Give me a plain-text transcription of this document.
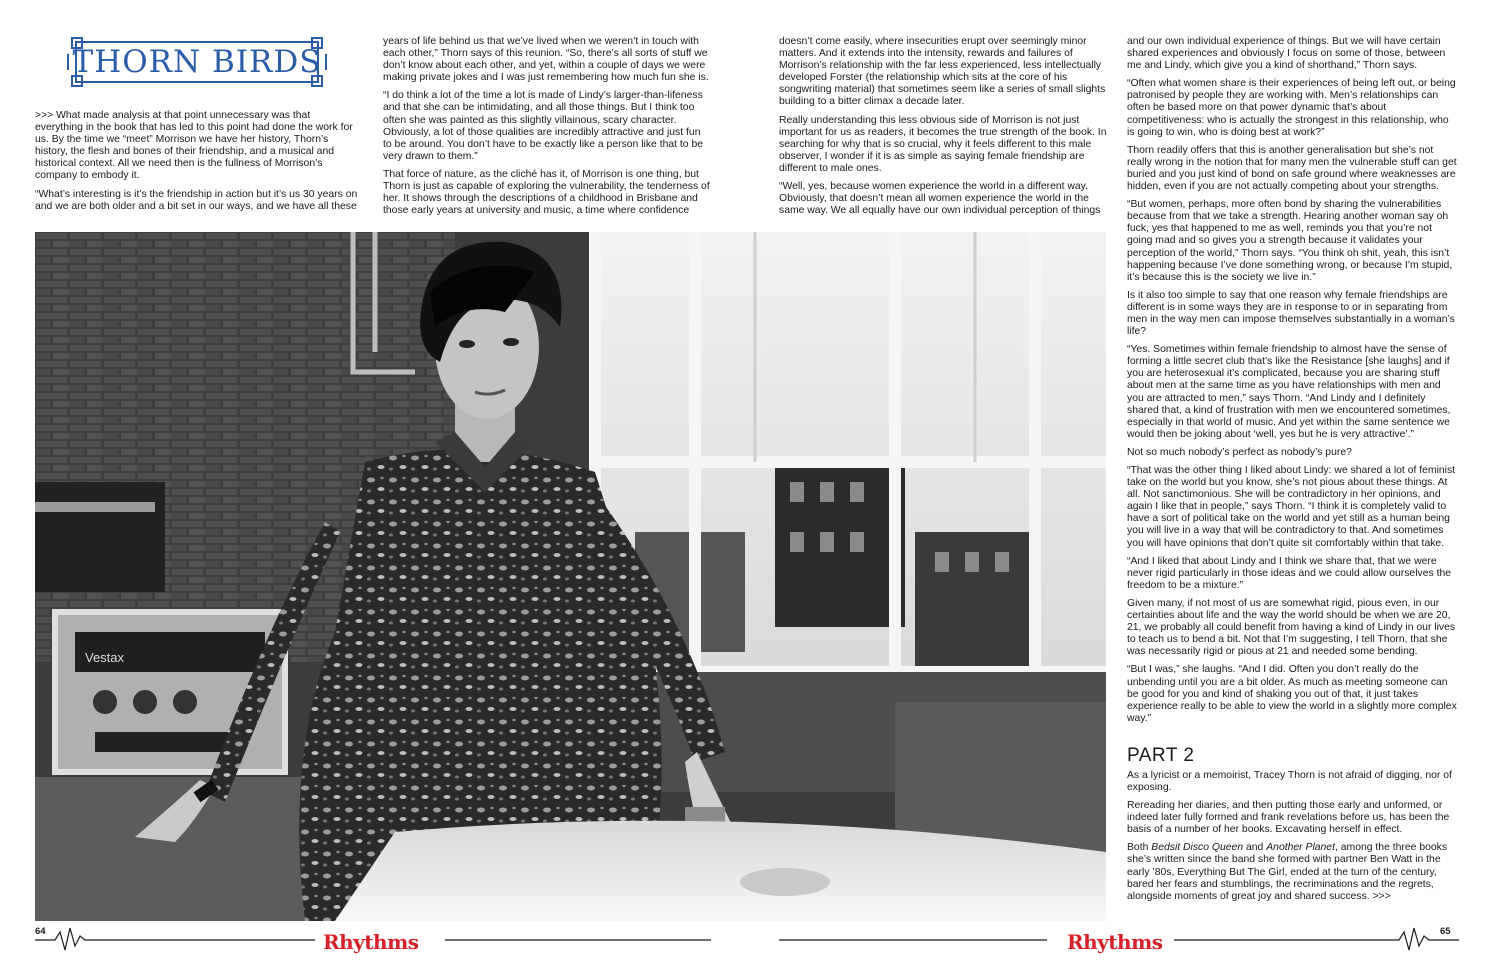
THORN BIRDS

>>> What made analysis at that point unnecessary was that everything in the book that has led to this point had done the work for us. By the time we “meet” Morrison we have her history, Thorn’s history, the flesh and bones of their friendship, and a musical and historical context. All we need then is the fullness of Morrison’s company to embody it.

“What’s interesting is it’s the friendship in action but it’s us 30 years on and we are both older and a bit set in our ways, and we have all these

years of life behind us that we’ve lived when we weren’t in touch with each other,” Thorn says of this reunion. “So, there’s all sorts of stuff we don’t know about each other, and yet, within a couple of days we were making private jokes and I was just remembering how much fun she is.

“I do think a lot of the time a lot is made of Lindy’s larger-than-lifeness and that she can be intimidating, and all those things. But I think too often she was painted as this slightly villainous, scary character. Obviously, a lot of those qualities are incredibly attractive and just fun to be around. You don’t have to be exactly like a person like that to be very drawn to them.”

That force of nature, as the cliché has it, of Morrison is one thing, but Thorn is just as capable of exploring the vulnerability, the tenderness of her. It shows through the descriptions of a childhood in Brisbane and those early years at university and music, a time where confidence

doesn’t come easily, where insecurities erupt over seemingly minor matters. And it extends into the intensity, rewards and failures of Morrison’s relationship with the far less experienced, less intellectually developed Forster (the relationship which sits at the core of his songwriting material) that sometimes seem like a series of small slights building to a bitter climax a decade later.

Really understanding this less obvious side of Morrison is not just important for us as readers, it becomes the true strength of the book. In searching for why that is so crucial, why it feels different to this male observer, I wonder if it is as simple as saying female friendship are different to male ones.

“Well, yes, because women experience the world in a different way. Obviously, that doesn’t mean all women experience the world in the same way. We all equally have our own individual perception of things

Vestax

and our own individual experience of things. But we will have certain shared experiences and obviously I focus on some of those, between me and Lindy, which give you a kind of shorthand,” Thorn says.

“Often what women share is their experiences of being left out, or being patronised by people they are working with. Men’s relationships can often be based more on that power dynamic that’s about competitiveness: who is actually the strongest in this relationship, who is going to win, who is doing best at work?”

Thorn readily offers that this is another generalisation but she’s not really wrong in the notion that for many men the vulnerable stuff can get buried and you just kind of bond on safe ground where weaknesses are hidden, even if you are not actually competing about your strengths.

“But women, perhaps, more often bond by sharing the vulnerabilities because from that we take a strength. Hearing another woman say oh fuck, yes that happened to me as well, reminds you that you’re not going mad and so gives you a strength because it validates your perception of the world,” Thorn says. “You think oh shit, yeah, this isn’t happening because I’ve done something wrong, or because I’m stupid, it’s because this is the society we live in.”

Is it also too simple to say that one reason why female friendships are different is in some ways they are in response to or in separating from men in the way men can impose themselves substantially in a woman’s life?

“Yes. Sometimes within female friendship to almost have the sense of forming a little secret club that’s like the Resistance [she laughs] and if you are heterosexual it’s complicated, because you are sharing stuff about men at the same time as you have relationships with men and you are attracted to men,” says Thorn. “And Lindy and I definitely shared that, a kind of frustration with men we encountered sometimes, especially in that world of music. And yet within the same sentence we would then be joking about ‘well, yes but he is very attractive’.”

Not so much nobody’s perfect as nobody’s pure?

“That was the other thing I liked about Lindy: we shared a lot of feminist take on the world but you know, she’s not pious about these things. At all. Not sanctimonious. She will be contradictory in her opinions, and again I like that in people,” says Thorn. “I think it is completely valid to have a sort of political take on the world and yet still as a human being you will live in a way that will be contradictory to that. And sometimes you will have opinions that don’t quite sit comfortably within that take.

“And I liked that about Lindy and I think we share that, that we were never rigid particularly in those ideas and we could allow ourselves the freedom to be a mixture.”

Given many, if not most of us are somewhat rigid, pious even, in our certainties about life and the way the world should be when we are 20, 21, we probably all could benefit from having a kind of Lindy in our lives to teach us to bend a bit. Not that I’m suggesting, I tell Thorn, that she was necessarily rigid or pious at 21 and needed some bending.

“But I was,” she laughs. “And I did. Often you don’t really do the unbending until you are a bit older. As much as meeting someone can be good for you and kind of shaking you out of that, it just takes experience really to be able to view the world in a slightly more complex way.”

PART 2

As a lyricist or a memoirist, Tracey Thorn is not afraid of digging, nor of exposing.

Rereading her diaries, and then putting those early and unformed, or indeed later fully formed and frank revelations before us, has been the basis of a number of her books. Excavating herself in effect.

Both Bedsit Disco Queen and Another Planet, among the three books she’s written since the band she formed with partner Ben Watt in the early ’80s, Everything But The Girl, ended at the turn of the century, bared her fears and stumblings, the recriminations and the regrets, alongside moments of great joy and shared success. >>>

64	65
Rhythms	Rhythms
